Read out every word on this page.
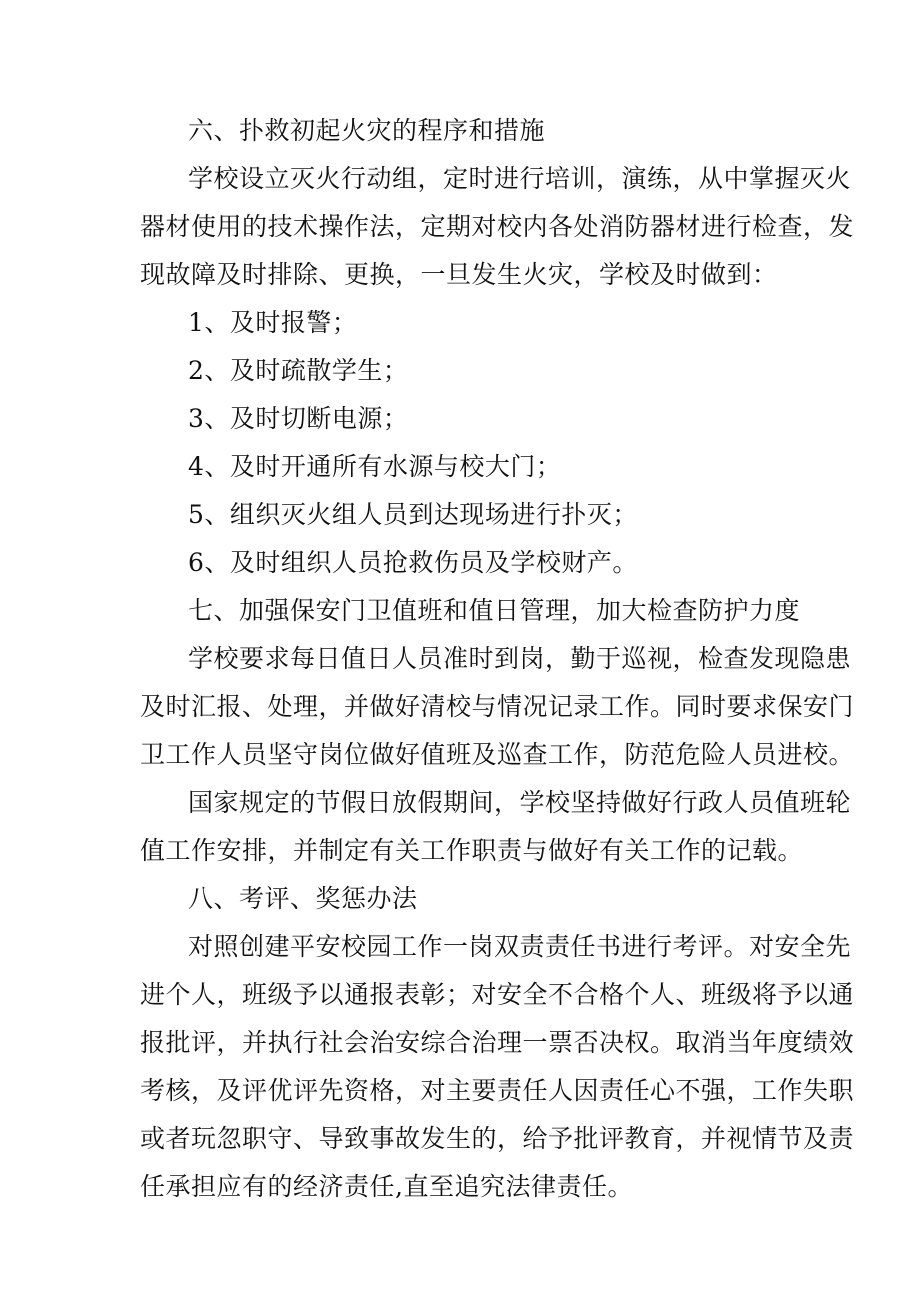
六、扑救初起火灾的程序和措施
学校设立灭火行动组，定时进行培训，演练，从中掌握灭火
器材使用的技术操作法，定期对校内各处消防器材进行检查，发
现故障及时排除、更换，一旦发生火灾，学校及时做到：
1、及时报警；
2、及时疏散学生；
3、及时切断电源；
4、及时开通所有水源与校大门；
5、组织灭火组人员到达现场进行扑灭；
6、及时组织人员抢救伤员及学校财产。
七、加强保安门卫值班和值日管理，加大检查防护力度
学校要求每日值日人员准时到岗，勤于巡视，检查发现隐患
及时汇报、处理，并做好清校与情况记录工作。同时要求保安门
卫工作人员坚守岗位做好值班及巡查工作，防范危险人员进校。
国家规定的节假日放假期间，学校坚持做好行政人员值班轮
值工作安排，并制定有关工作职责与做好有关工作的记载。
八、考评、奖惩办法
对照创建平安校园工作一岗双责责任书进行考评。对安全先
进个人，班级予以通报表彰；对安全不合格个人、班级将予以通
报批评，并执行社会治安综合治理一票否决权。取消当年度绩效
考核，及评优评先资格，对主要责任人因责任心不强，工作失职
或者玩忽职守、导致事故发生的，给予批评教育，并视情节及责
任承担应有的经济责任,直至追究法律责任。
